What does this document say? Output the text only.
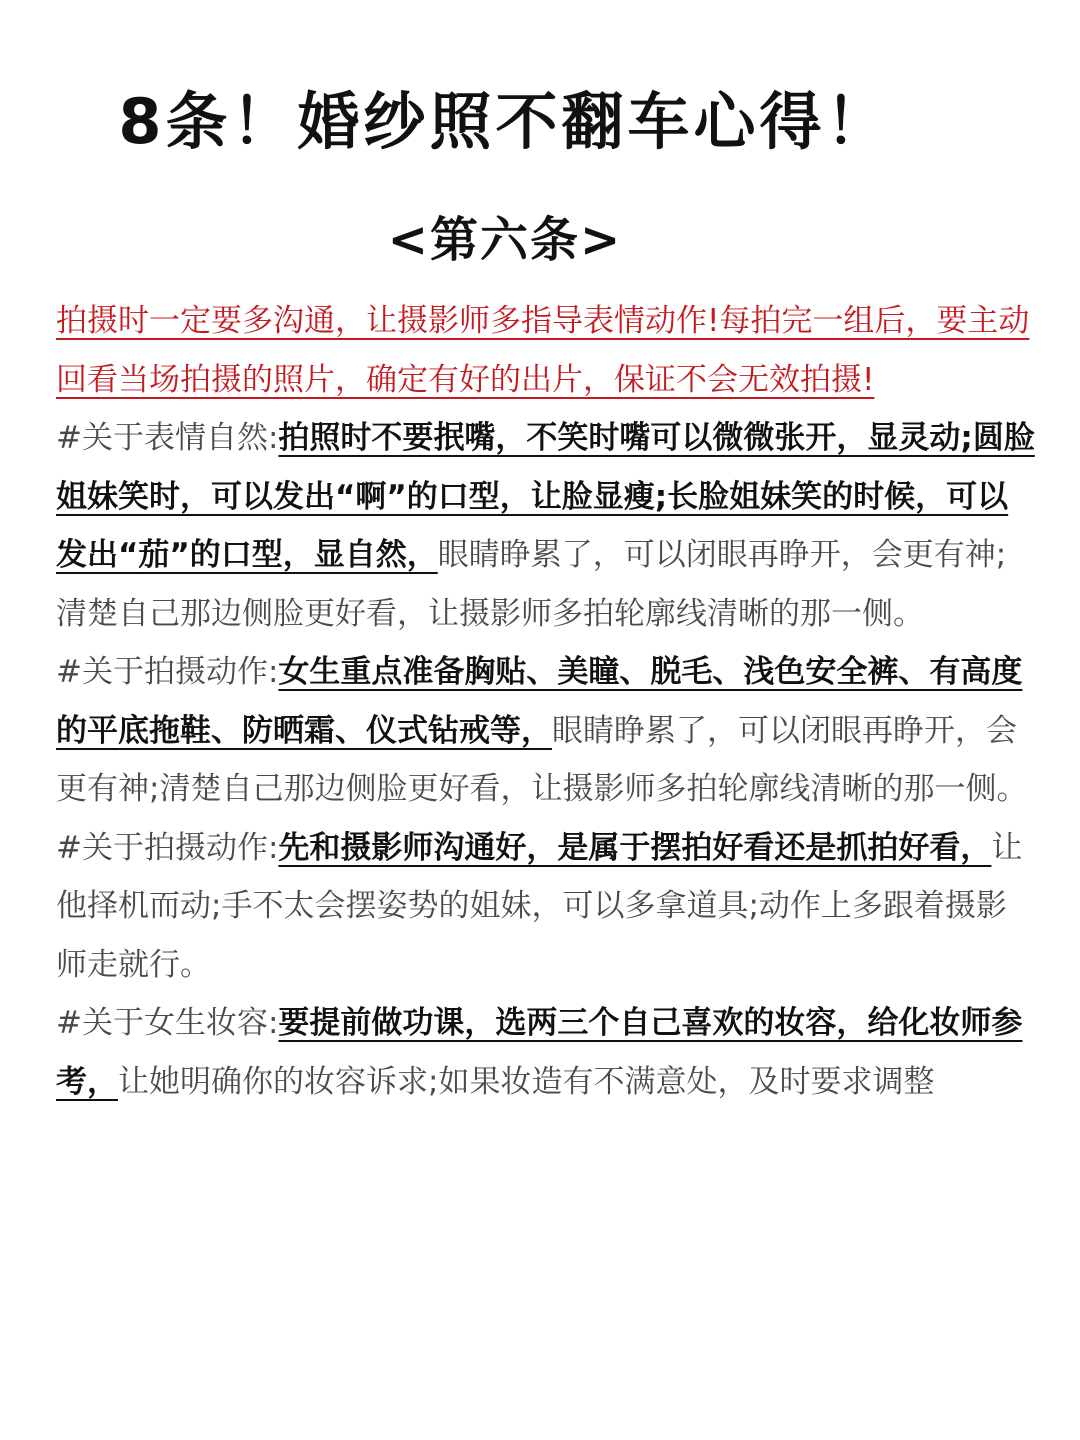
8条！婚纱照不翻车心得！
<第六条>

拍摄时一定要多沟通，让摄影师多指导表情动作!每拍完一组后，要主动回看当场拍摄的照片，确定有好的出片，保证不会无效拍摄!

#关于表情自然:拍照时不要抿嘴，不笑时嘴可以微微张开，显灵动;圆脸姐妹笑时，可以发出“啊”的口型，让脸显瘦;长脸姐妹笑的时候，可以发出“茄”的口型，显自然，眼睛睁累了，可以闭眼再睁开，会更有神;清楚自己那边侧脸更好看，让摄影师多拍轮廓线清晰的那一侧。

#关于拍摄动作:女生重点准备胸贴、美瞳、脱毛、浅色安全裤、有高度的平底拖鞋、防晒霜、仪式钻戒等，眼睛睁累了，可以闭眼再睁开，会更有神;清楚自己那边侧脸更好看，让摄影师多拍轮廓线清晰的那一侧。

#关于拍摄动作:先和摄影师沟通好，是属于摆拍好看还是抓拍好看，让他择机而动;手不太会摆姿势的姐妹，可以多拿道具;动作上多跟着摄影师走就行。

#关于女生妆容:要提前做功课，选两三个自己喜欢的妆容，给化妆师参考，让她明确你的妆容诉求;如果妆造有不满意处，及时要求调整
